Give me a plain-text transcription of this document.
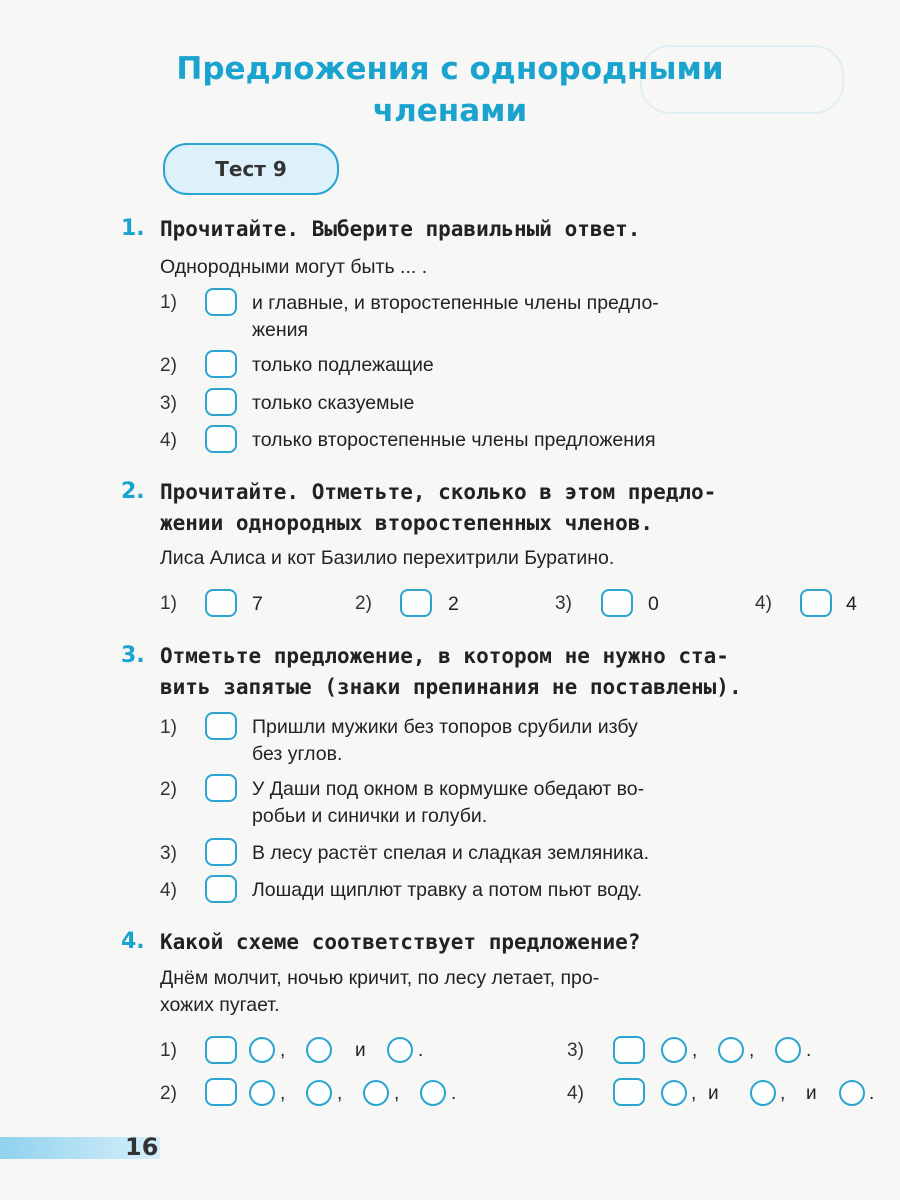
Предложения с однородными
членами
Тест 9
1. Прочитайте. Выберите правильный ответ.
Однородными могут быть ... .
1)	и главные, и второстепенные члены предло-
жения
2)	только подлежащие
3)	только сказуемые
4)	только второстепенные члены предложения
2. Прочитайте. Отметьте, сколько в этом предло-
жении однородных второстепенных членов.
Лиса Алиса и кот Базилио перехитрили Буратино.
1)	7	2)	2	3)	0	4)	4
3. Отметьте предложение, в котором не нужно ста-
вить запятые (знаки препинания не поставлены).
1)	Пришли мужики без топоров срубили избу
без углов.
2)	У Даши под окном в кормушке обедают во-
робьи и синички и голуби.
3)	В лесу растёт спелая и сладкая земляника.
4)	Лошади щиплют травку а потом пьют воду.
4. Какой схеме соответствует предложение?
Днём молчит, ночью кричит, по лесу летает, про-
хожих пугает.
1)	,	и	.
2)	,	,	,	.
3)	,	,	.
4)	, и	, и	.
16
